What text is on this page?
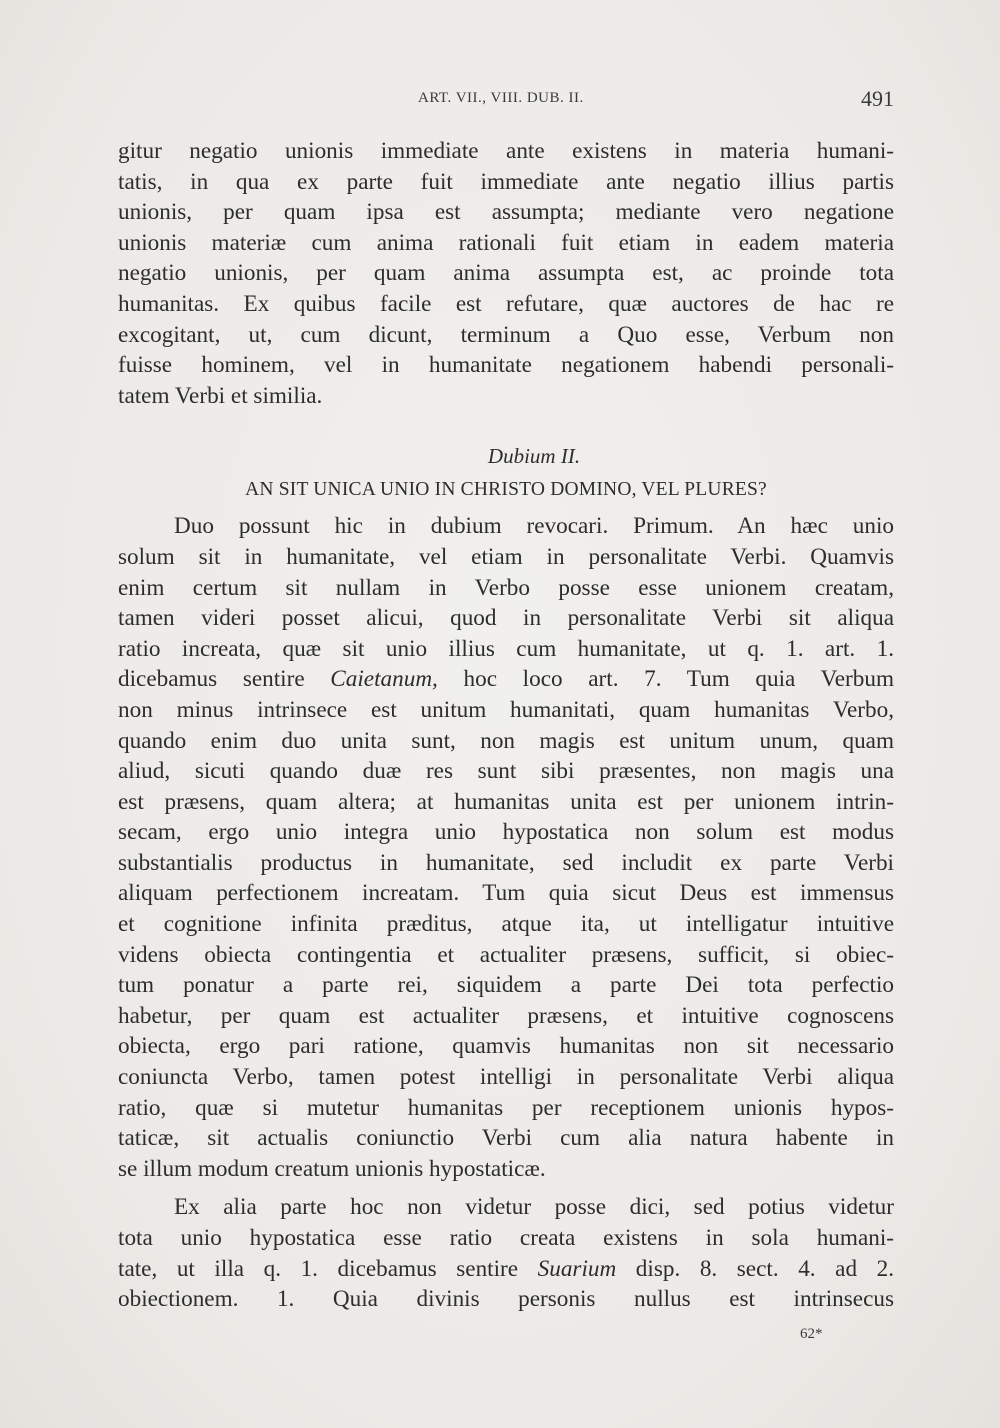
ART. VII., VIII. DUB. II.	491
gitur negatio unionis immediate ante existens in materia humani-
tatis, in qua ex parte fuit immediate ante negatio illius partis
unionis, per quam ipsa est assumpta; mediante vero negatione
unionis materiæ cum anima rationali fuit etiam in eadem materia
negatio unionis, per quam anima assumpta est, ac proinde tota
humanitas. Ex quibus facile est refutare, quæ auctores de hac re
excogitant, ut, cum dicunt, terminum a Quo esse, Verbum non
fuisse hominem, vel in humanitate negationem habendi personali-
tatem Verbi et similia.
Dubium II.
AN SIT UNICA UNIO IN CHRISTO DOMINO, VEL PLURES?
Duo possunt hic in dubium revocari. Primum. An hæc unio
solum sit in humanitate, vel etiam in personalitate Verbi. Quamvis
enim certum sit nullam in Verbo posse esse unionem creatam,
tamen videri posset alicui, quod in personalitate Verbi sit aliqua
ratio increata, quæ sit unio illius cum humanitate, ut q. 1. art. 1.
dicebamus sentire Caietanum, hoc loco art. 7. Tum quia Verbum
non minus intrinsece est unitum humanitati, quam humanitas Verbo,
quando enim duo unita sunt, non magis est unitum unum, quam
aliud, sicuti quando duæ res sunt sibi præsentes, non magis una
est præsens, quam altera; at humanitas unita est per unionem intrin-
secam, ergo unio integra unio hypostatica non solum est modus
substantialis productus in humanitate, sed includit ex parte Verbi
aliquam perfectionem increatam. Tum quia sicut Deus est immensus
et cognitione infinita præditus, atque ita, ut intelligatur intuitive
videns obiecta contingentia et actualiter præsens, sufficit, si obiec-
tum ponatur a parte rei, siquidem a parte Dei tota perfectio
habetur, per quam est actualiter præsens, et intuitive cognoscens
obiecta, ergo pari ratione, quamvis humanitas non sit necessario
coniuncta Verbo, tamen potest intelligi in personalitate Verbi aliqua
ratio, quæ si mutetur humanitas per receptionem unionis hypos-
taticæ, sit actualis coniunctio Verbi cum alia natura habente in
se illum modum creatum unionis hypostaticæ.
Ex alia parte hoc non videtur posse dici, sed potius videtur
tota unio hypostatica esse ratio creata existens in sola humani-
tate, ut illa q. 1. dicebamus sentire Suarium disp. 8. sect. 4. ad 2.
obiectionem. 1. Quia divinis personis nullus est intrinsecus
62*
